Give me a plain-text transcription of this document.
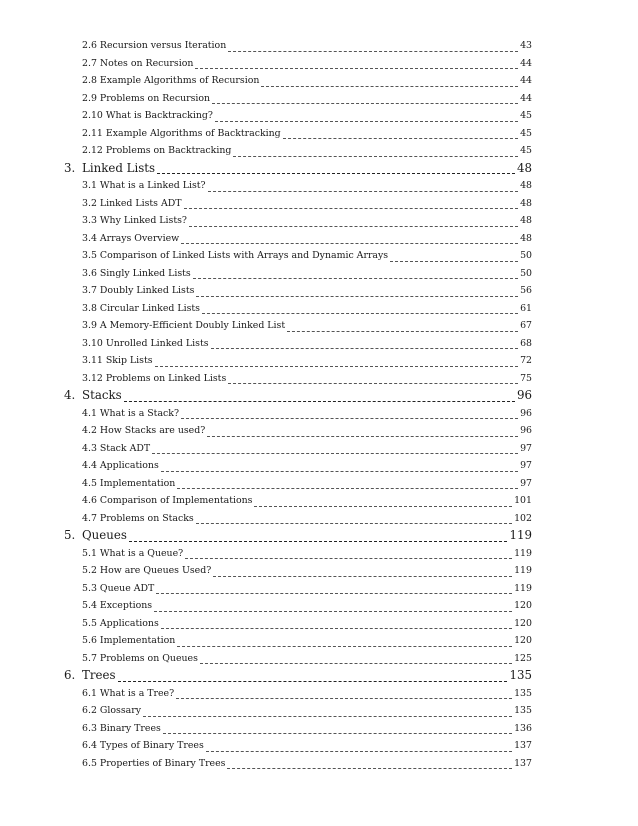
2.6 Recursion versus Iteration	43
2.7 Notes on Recursion	44
2.8 Example Algorithms of Recursion	44
2.9 Problems on Recursion	44
2.10 What is Backtracking?	45
2.11 Example Algorithms of Backtracking	45
2.12 Problems on Backtracking	45
3. Linked Lists	48
3.1 What is a Linked List?	48
3.2 Linked Lists ADT	48
3.3 Why Linked Lists?	48
3.4 Arrays Overview	48
3.5 Comparison of Linked Lists with Arrays and Dynamic Arrays	50
3.6 Singly Linked Lists	50
3.7 Doubly Linked Lists	56
3.8 Circular Linked Lists	61
3.9 A Memory-Efficient Doubly Linked List	67
3.10 Unrolled Linked Lists	68
3.11 Skip Lists	72
3.12 Problems on Linked Lists	75
4. Stacks	96
4.1 What is a Stack?	96
4.2 How Stacks are used?	96
4.3 Stack ADT	97
4.4 Applications	97
4.5 Implementation	97
4.6 Comparison of Implementations	101
4.7 Problems on Stacks	102
5. Queues	119
5.1 What is a Queue?	119
5.2 How are Queues Used?	119
5.3 Queue ADT	119
5.4 Exceptions	120
5.5 Applications	120
5.6 Implementation	120
5.7 Problems on Queues	125
6. Trees	135
6.1 What is a Tree?	135
6.2 Glossary	135
6.3 Binary Trees	136
6.4 Types of Binary Trees	137
6.5 Properties of Binary Trees	137
